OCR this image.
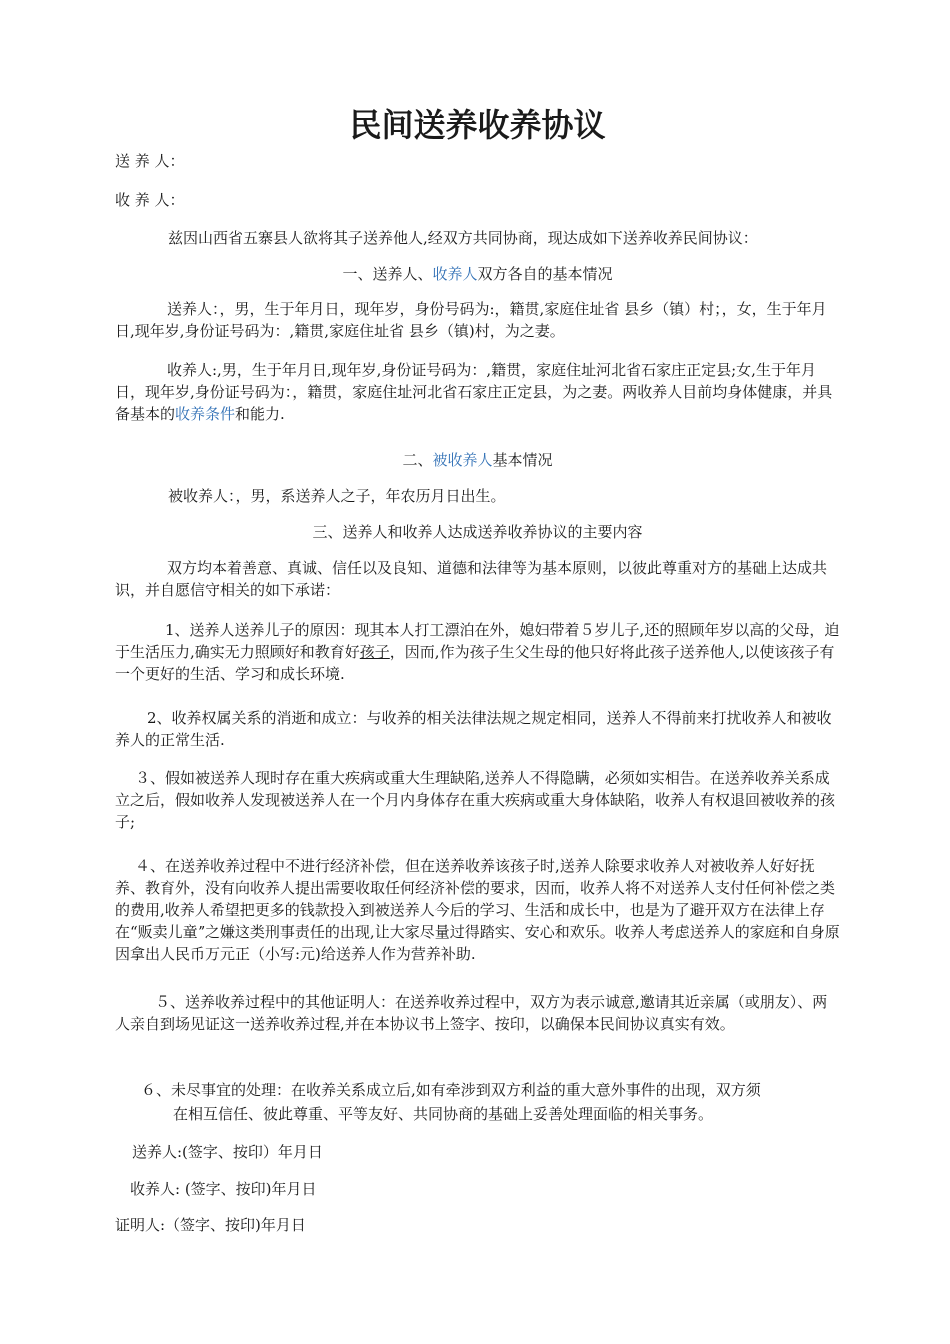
民间送养收养协议
送 养 人：
收 养 人：
兹因山西省五寨县人欲将其子送养他人,经双方共同协商，现达成如下送养收养民间协议：
一、送养人、收养人双方各自的基本情况
送养人：，男，生于年月日，现年岁，身份号码为:，籍贯,家庭住址省 县乡（镇）村；，女，生于年月日,现年岁,身份证号码为：,籍贯,家庭住址省 县乡（镇)村，为之妻。
收养人:,男，生于年月日,现年岁,身份证号码为：,籍贯，家庭住址河北省石家庄正定县;女,生于年月日，现年岁,身份证号码为：，籍贯，家庭住址河北省石家庄正定县，为之妻。两收养人目前均身体健康，并具备基本的收养条件和能力.
二、被收养人基本情况
被收养人：，男，系送养人之子，年农历月日出生。
三、送养人和收养人达成送养收养协议的主要内容
双方均本着善意、真诚、信任以及良知、道德和法律等为基本原则，以彼此尊重对方的基础上达成共识，并自愿信守相关的如下承诺：
1、送养人送养儿子的原因：现其本人打工漂泊在外，媳妇带着５岁儿子,还的照顾年岁以高的父母，迫于生活压力,确实无力照顾好和教育好孩子，因而,作为孩子生父生母的他只好将此孩子送养他人,以使该孩子有一个更好的生活、学习和成长环境.
2、收养权属关系的消逝和成立：与收养的相关法律法规之规定相同，送养人不得前来打扰收养人和被收养人的正常生活.
３、假如被送养人现时存在重大疾病或重大生理缺陷,送养人不得隐瞒，必须如实相告。在送养收养关系成立之后，假如收养人发现被送养人在一个月内身体存在重大疾病或重大身体缺陷，收养人有权退回被收养的孩子;
４、在送养收养过程中不进行经济补偿，但在送养收养该孩子时,送养人除要求收养人对被收养人好好抚养、教育外，没有向收养人提出需要收取任何经济补偿的要求，因而，收养人将不对送养人支付任何补偿之类的费用,收养人希望把更多的钱款投入到被送养人今后的学习、生活和成长中，也是为了避开双方在法律上存在“贩卖儿童ˮ之嫌这类刑事责任的出现,让大家尽量过得踏实、安心和欢乐。收养人考虑送养人的家庭和自身原因拿出人民币万元正（小写:元)给送养人作为营养补助.
５、送养收养过程中的其他证明人：在送养收养过程中，双方为表示诚意,邀请其近亲属（或朋友）、两人亲自到场见证这一送养收养过程,并在本协议书上签字、按印，以确保本民间协议真实有效。
６、未尽事宜的处理：在收养关系成立后,如有牵涉到双方利益的重大意外事件的出现，双方须
在相互信任、彼此尊重、平等友好、共同协商的基础上妥善处理面临的相关事务。
送养人:(签字、按印）年月日
收养人: (签字、按印)年月日
证明人:（签字、按印)年月日
